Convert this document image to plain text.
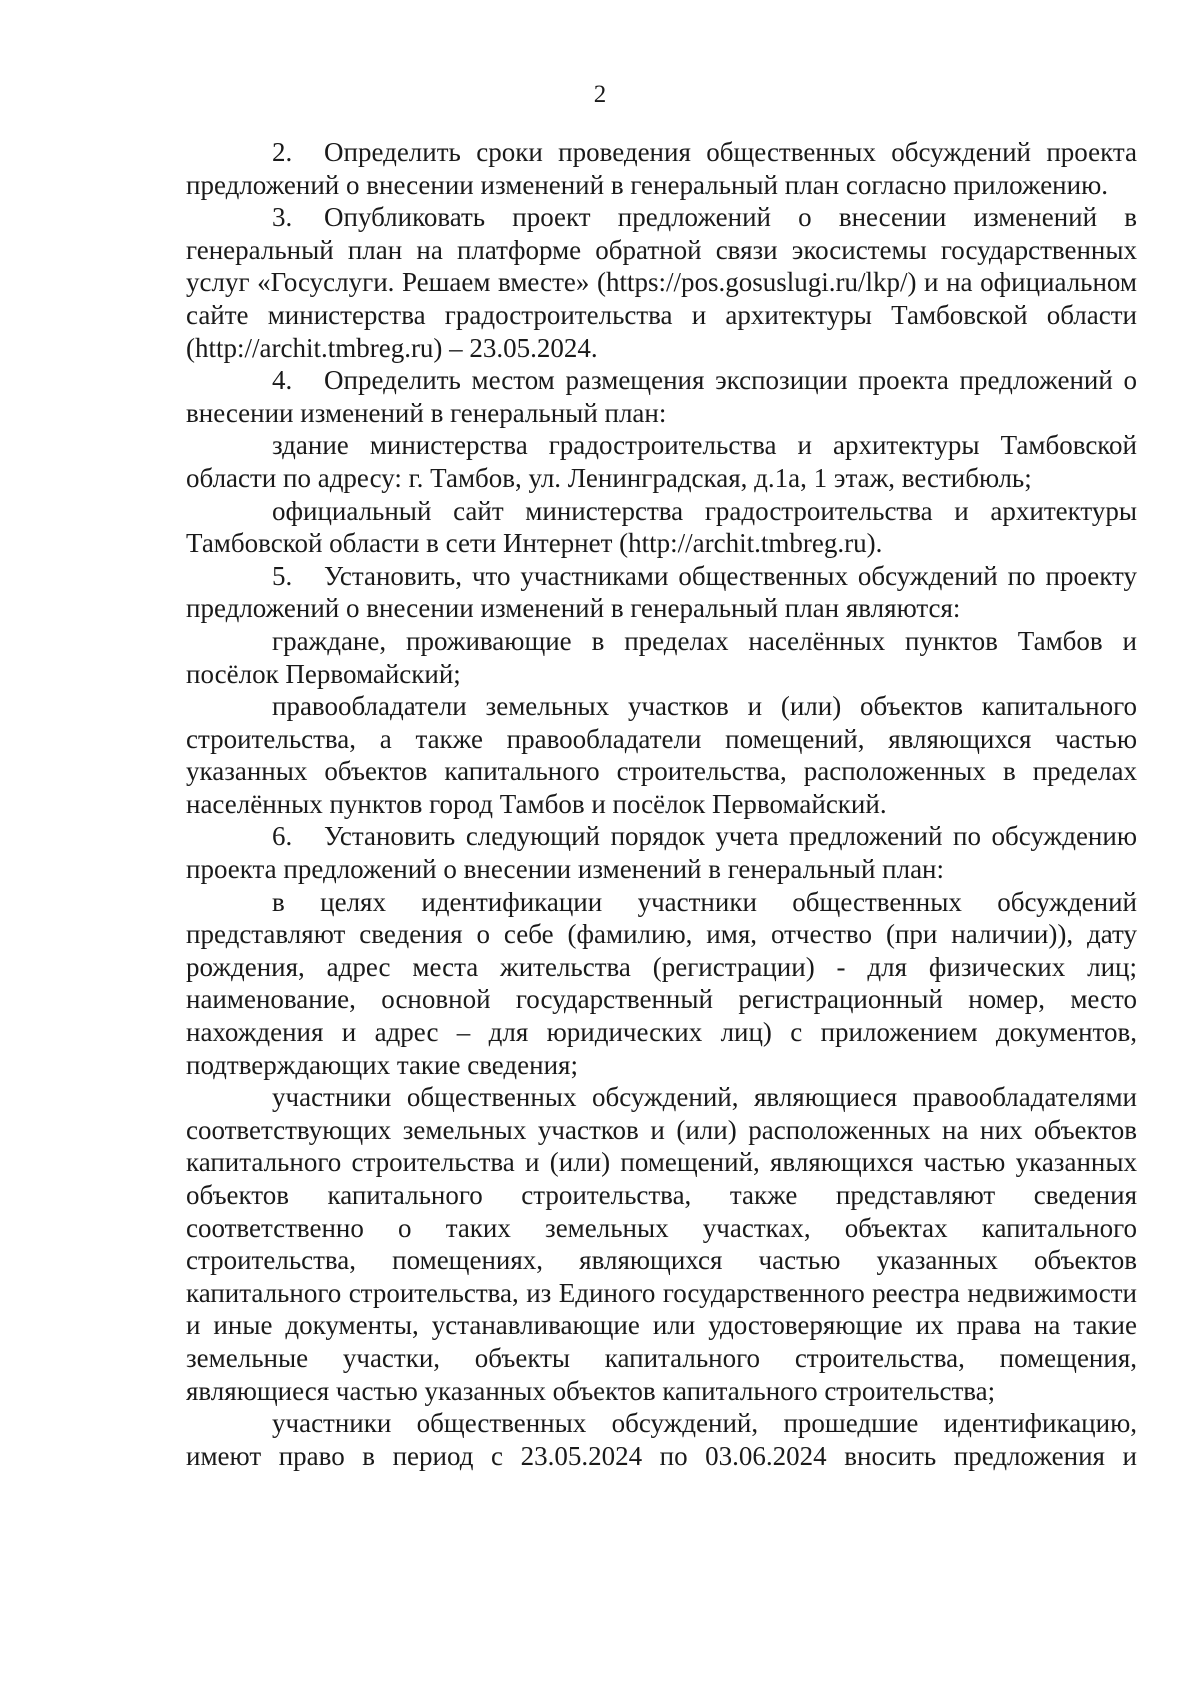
2

2. Определить сроки проведения общественных обсуждений проекта предложений о внесении изменений в генеральный план согласно приложению.

3. Опубликовать проект предложений о внесении изменений в генеральный план на платформе обратной связи экосистемы государственных услуг «Госуслуги. Решаем вместе» (https://pos.gosuslugi.ru/lkp/) и на официальном сайте министерства градостроительства и архитектуры Тамбовской области (http://archit.tmbreg.ru) – 23.05.2024.

4. Определить местом размещения экспозиции проекта предложений о внесении изменений в генеральный план:

здание министерства градостроительства и архитектуры Тамбовской области по адресу: г. Тамбов, ул. Ленинградская, д.1а, 1 этаж, вестибюль;

официальный сайт министерства градостроительства и архитектуры Тамбовской области в сети Интернет (http://archit.tmbreg.ru).

5. Установить, что участниками общественных обсуждений по проекту предложений о внесении изменений в генеральный план являются:

граждане, проживающие в пределах населённых пунктов Тамбов и посёлок Первомайский;

правообладатели земельных участков и (или) объектов капитального строительства, а также правообладатели помещений, являющихся частью указанных объектов капитального строительства, расположенных в пределах населённых пунктов город Тамбов и посёлок Первомайский.

6. Установить следующий порядок учета предложений по обсуждению проекта предложений о внесении изменений в генеральный план:

в целях идентификации участники общественных обсуждений представляют сведения о себе (фамилию, имя, отчество (при наличии)), дату рождения, адрес места жительства (регистрации) - для физических лиц; наименование, основной государственный регистрационный номер, место нахождения и адрес – для юридических лиц) с приложением документов, подтверждающих такие сведения;

участники общественных обсуждений, являющиеся правообладателями соответствующих земельных участков и (или) расположенных на них объектов капитального строительства и (или) помещений, являющихся частью указанных объектов капитального строительства, также представляют сведения соответственно о таких земельных участках, объектах капитального строительства, помещениях, являющихся частью указанных объектов капитального строительства, из Единого государственного реестра недвижимости и иные документы, устанавливающие или удостоверяющие их права на такие земельные участки, объекты капитального строительства, помещения, являющиеся частью указанных объектов капитального строительства;

участники общественных обсуждений, прошедшие идентификацию, имеют право в период с 23.05.2024 по 03.06.2024 вносить предложения и
